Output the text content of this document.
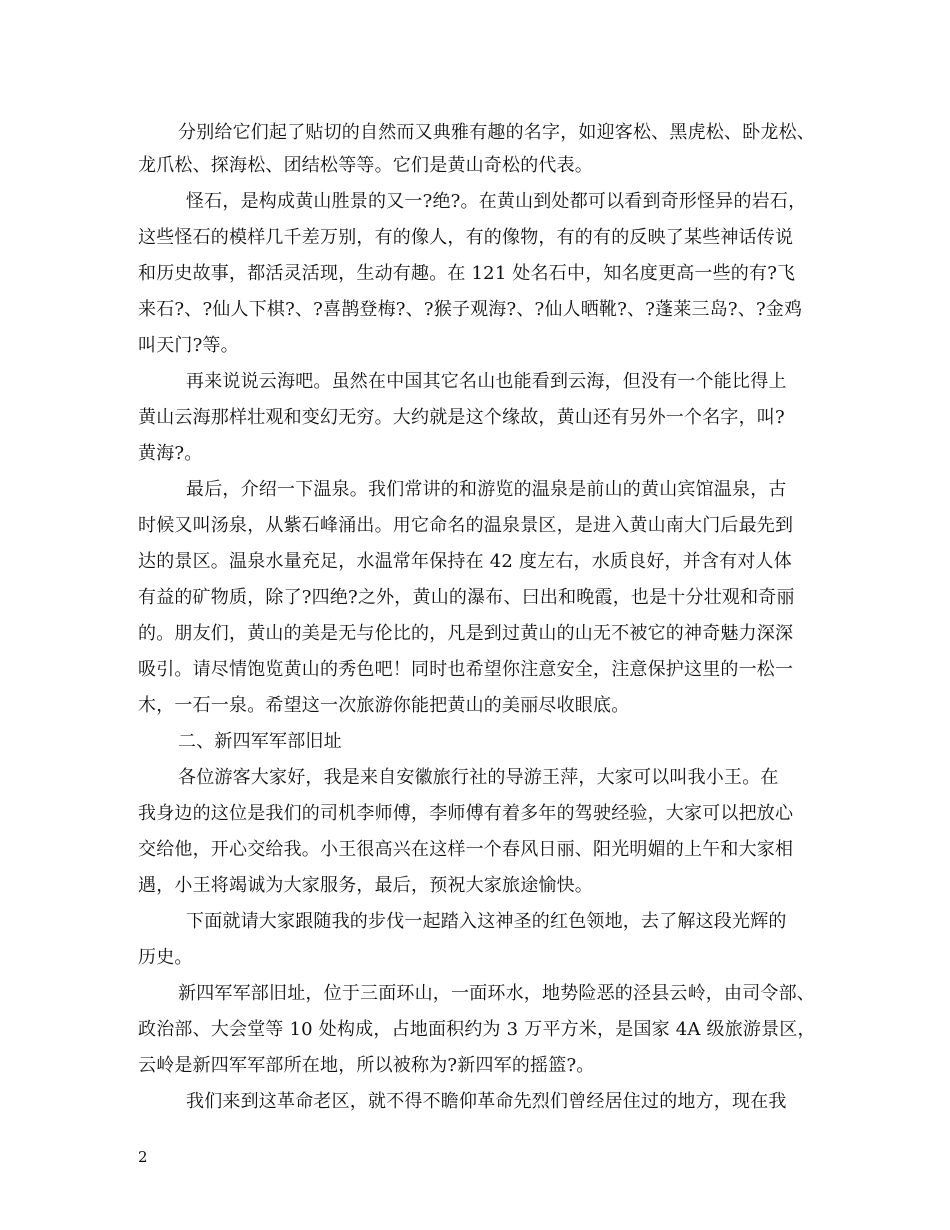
分别给它们起了贴切的自然而又典雅有趣的名字，如迎客松、黑虎松、卧龙松、
龙爪松、探海松、团结松等等。它们是黄山奇松的代表。
怪石，是构成黄山胜景的又一?绝?。在黄山到处都可以看到奇形怪异的岩石，
这些怪石的模样几千差万别，有的像人，有的像物，有的有的反映了某些神话传说
和历史故事，都活灵活现，生动有趣。在 121 处名石中，知名度更高一些的有?飞
来石?、?仙人下棋?、?喜鹊登梅?、?猴子观海?、?仙人晒靴?、?蓬莱三岛?、?金鸡
叫天门?等。
再来说说云海吧。虽然在中国其它名山也能看到云海，但没有一个能比得上
黄山云海那样壮观和变幻无穷。大约就是这个缘故，黄山还有另外一个名字，叫?
黄海?。
最后，介绍一下温泉。我们常讲的和游览的温泉是前山的黄山宾馆温泉，古
时候又叫汤泉，从紫石峰涌出。用它命名的温泉景区，是进入黄山南大门后最先到
达的景区。温泉水量充足，水温常年保持在 42 度左右，水质良好，并含有对人体
有益的矿物质，除了?四绝?之外，黄山的瀑布、曰出和晚霞，也是十分壮观和奇丽
的。朋友们，黄山的美是无与伦比的，凡是到过黄山的山无不被它的神奇魅力深深
吸引。请尽情饱览黄山的秀色吧！同时也希望你注意安全，注意保护这里的一松一
木，一石一泉。希望这一次旅游你能把黄山的美丽尽收眼底。
二、新四军军部旧址
各位游客大家好，我是来自安徽旅行社的导游王萍，大家可以叫我小王。在
我身边的这位是我们的司机李师傅，李师傅有着多年的驾驶经验，大家可以把放心
交给他，开心交给我。小王很高兴在这样一个春风日丽、阳光明媚的上午和大家相
遇，小王将竭诚为大家服务，最后，预祝大家旅途愉快。
下面就请大家跟随我的步伐一起踏入这神圣的红色领地，去了解这段光辉的
历史。
新四军军部旧址，位于三面环山，一面环水，地势险恶的泾县云岭，由司令部、
政治部、大会堂等 10 处构成，占地面积约为 3 万平方米，是国家 4A 级旅游景区，
云岭是新四军军部所在地，所以被称为?新四军的摇篮?。
我们来到这革命老区，就不得不瞻仰革命先烈们曾经居住过的地方，现在我
2
